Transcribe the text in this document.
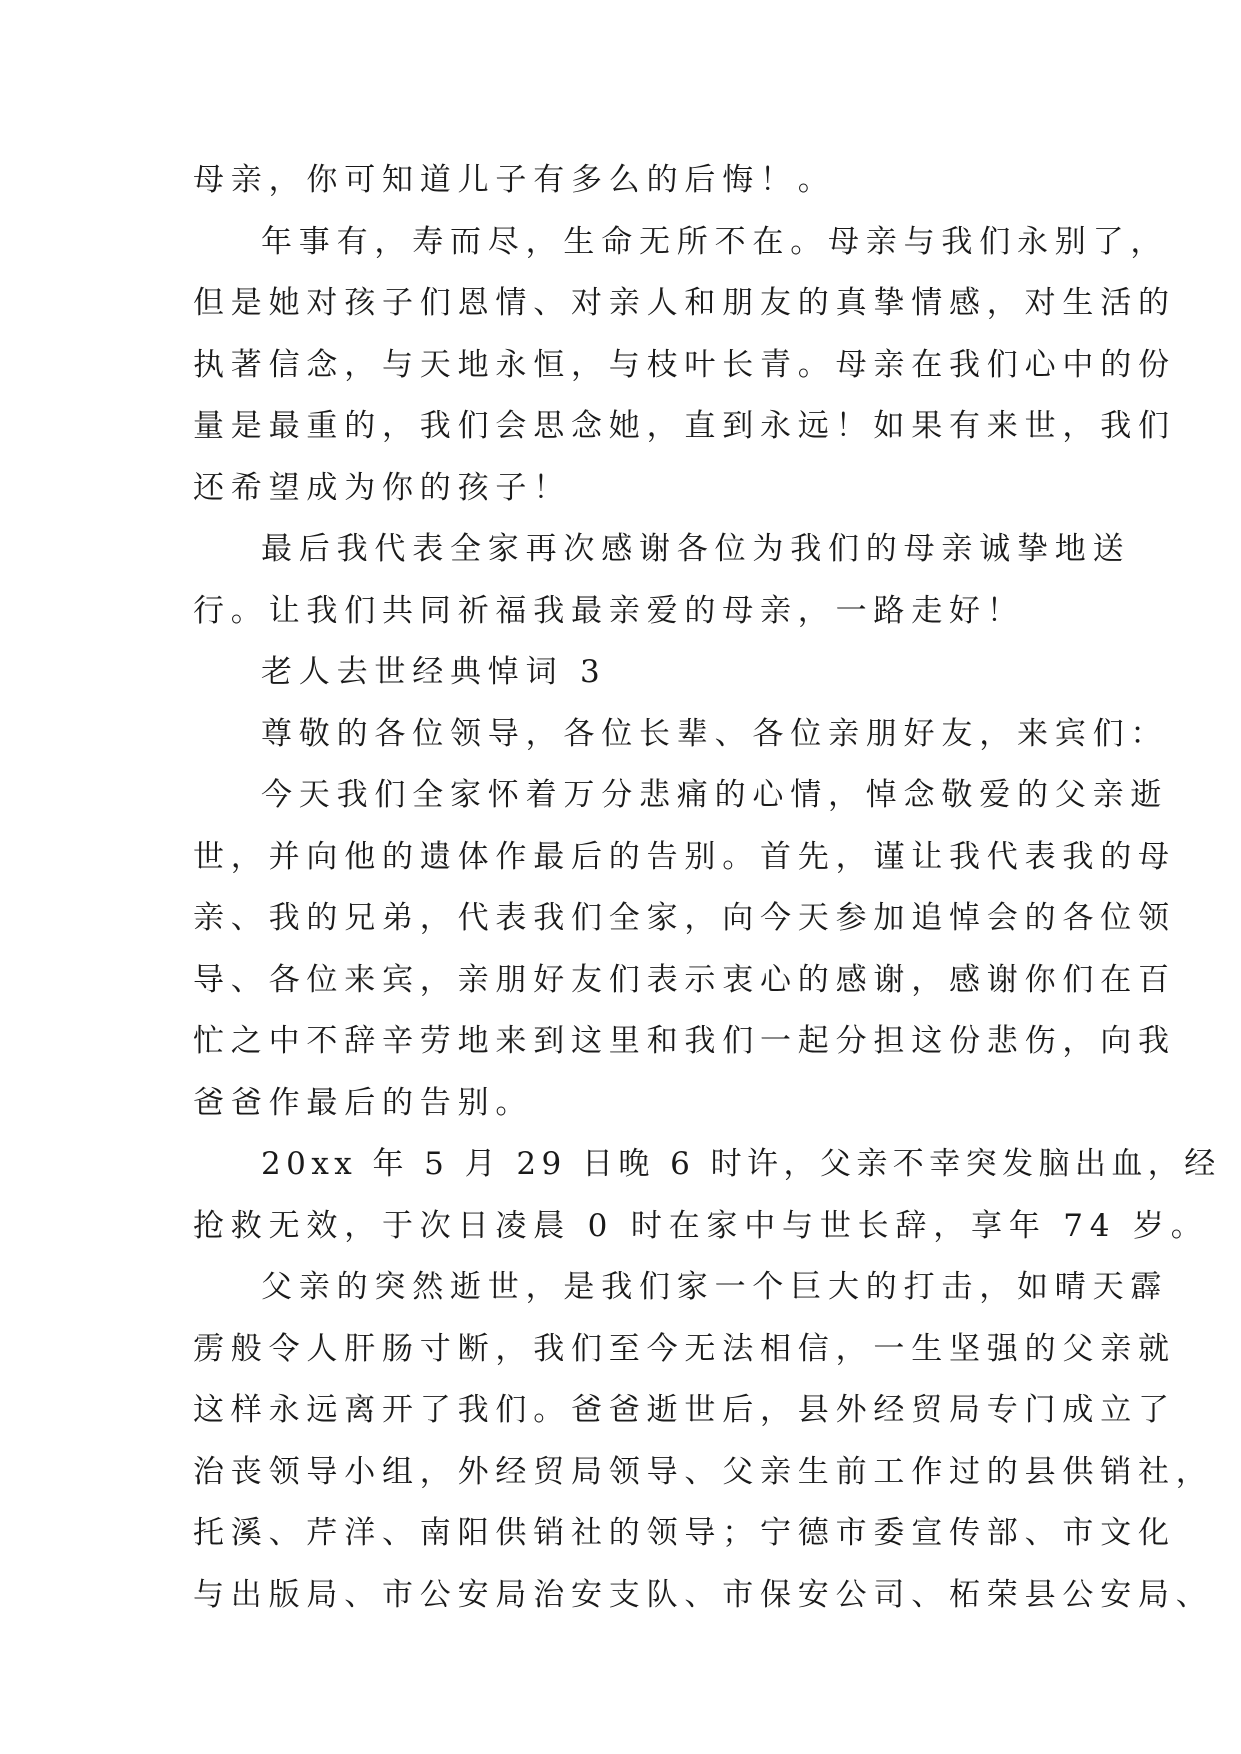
母亲，你可知道儿子有多么的后悔！。
年事有，寿而尽，生命无所不在。母亲与我们永别了，
但是她对孩子们恩情、对亲人和朋友的真挚情感，对生活的
执著信念，与天地永恒，与枝叶长青。母亲在我们心中的份
量是最重的，我们会思念她，直到永远！如果有来世，我们
还希望成为你的孩子！
最后我代表全家再次感谢各位为我们的母亲诚挚地送
行。让我们共同祈福我最亲爱的母亲，一路走好！
老人去世经典悼词 3
尊敬的各位领导，各位长辈、各位亲朋好友，来宾们：
今天我们全家怀着万分悲痛的心情，悼念敬爱的父亲逝
世，并向他的遗体作最后的告别。首先，谨让我代表我的母
亲、我的兄弟，代表我们全家，向今天参加追悼会的各位领
导、各位来宾，亲朋好友们表示衷心的感谢，感谢你们在百
忙之中不辞辛劳地来到这里和我们一起分担这份悲伤，向我
爸爸作最后的告别。
20xx 年 5 月 29 日晚 6 时许，父亲不幸突发脑出血，经
抢救无效，于次日凌晨 0 时在家中与世长辞，享年 74 岁。
父亲的突然逝世，是我们家一个巨大的打击，如晴天霹
雳般令人肝肠寸断，我们至今无法相信，一生坚强的父亲就
这样永远离开了我们。爸爸逝世后，县外经贸局专门成立了
治丧领导小组，外经贸局领导、父亲生前工作过的县供销社，
托溪、芹洋、南阳供销社的领导；宁德市委宣传部、市文化
与出版局、市公安局治安支队、市保安公司、柘荣县公安局、
